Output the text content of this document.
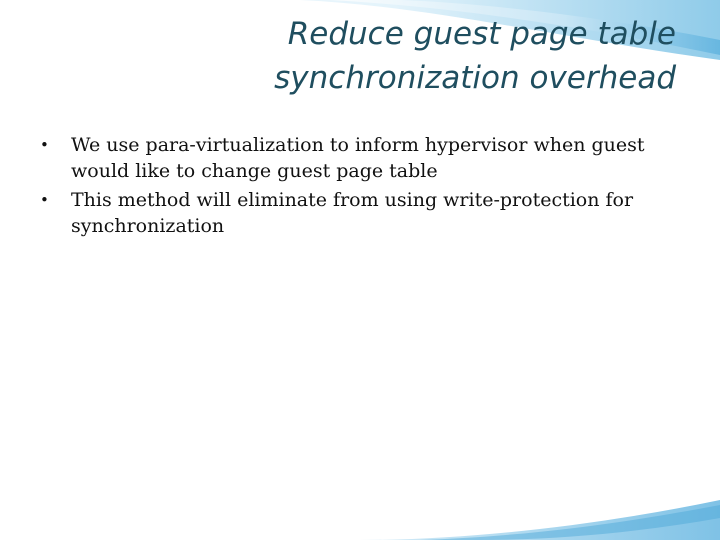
Reduce guest page table
synchronization overhead
•	We use para-virtualization to inform hypervisor when guest would like to change guest page table
•	This method will eliminate from using write-protection for synchronization
